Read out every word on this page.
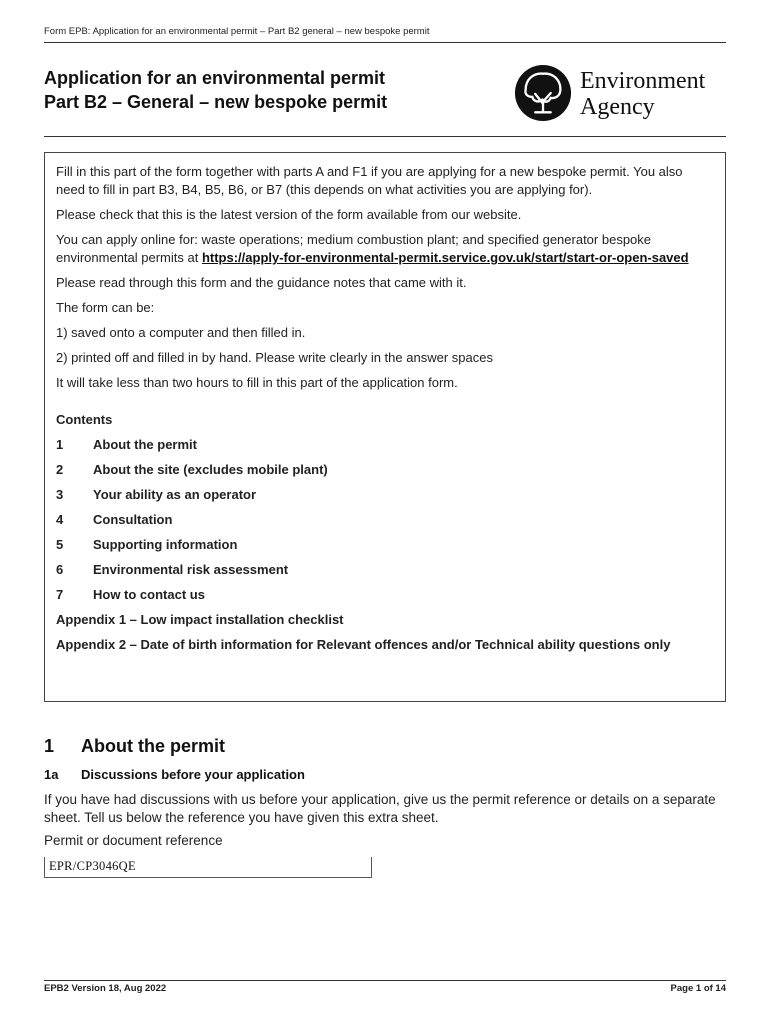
Form EPB: Application for an environmental permit – Part B2 general – new bespoke permit
Application for an environmental permit
Part B2 – General – new bespoke permit
Environment
Agency

Fill in this part of the form together with parts A and F1 if you are applying for a new bespoke permit. You also need to fill in part B3, B4, B5, B6, or B7 (this depends on what activities you are applying for).

Please check that this is the latest version of the form available from our website.

You can apply online for: waste operations; medium combustion plant; and specified generator bespoke environmental permits at https://apply-for-environmental-permit.service.gov.uk/start/start-or-open-saved

Please read through this form and the guidance notes that came with it.

The form can be:

1) saved onto a computer and then filled in.

2) printed off and filled in by hand. Please write clearly in the answer spaces

It will take less than two hours to fill in this part of the application form.

Contents
1	About the permit
2	About the site (excludes mobile plant)
3	Your ability as an operator
4	Consultation
5	Supporting information
6	Environmental risk assessment
7	How to contact us
Appendix 1 – Low impact installation checklist
Appendix 2 – Date of birth information for Relevant offences and/or Technical ability questions only
1 About the permit
1a Discussions before your application
If you have had discussions with us before your application, give us the permit reference or details on a separate sheet. Tell us below the reference you have given this extra sheet.
Permit or document reference
EPR/CP3046QE
EPB2 Version 18, Aug 2022	Page 1 of 14
